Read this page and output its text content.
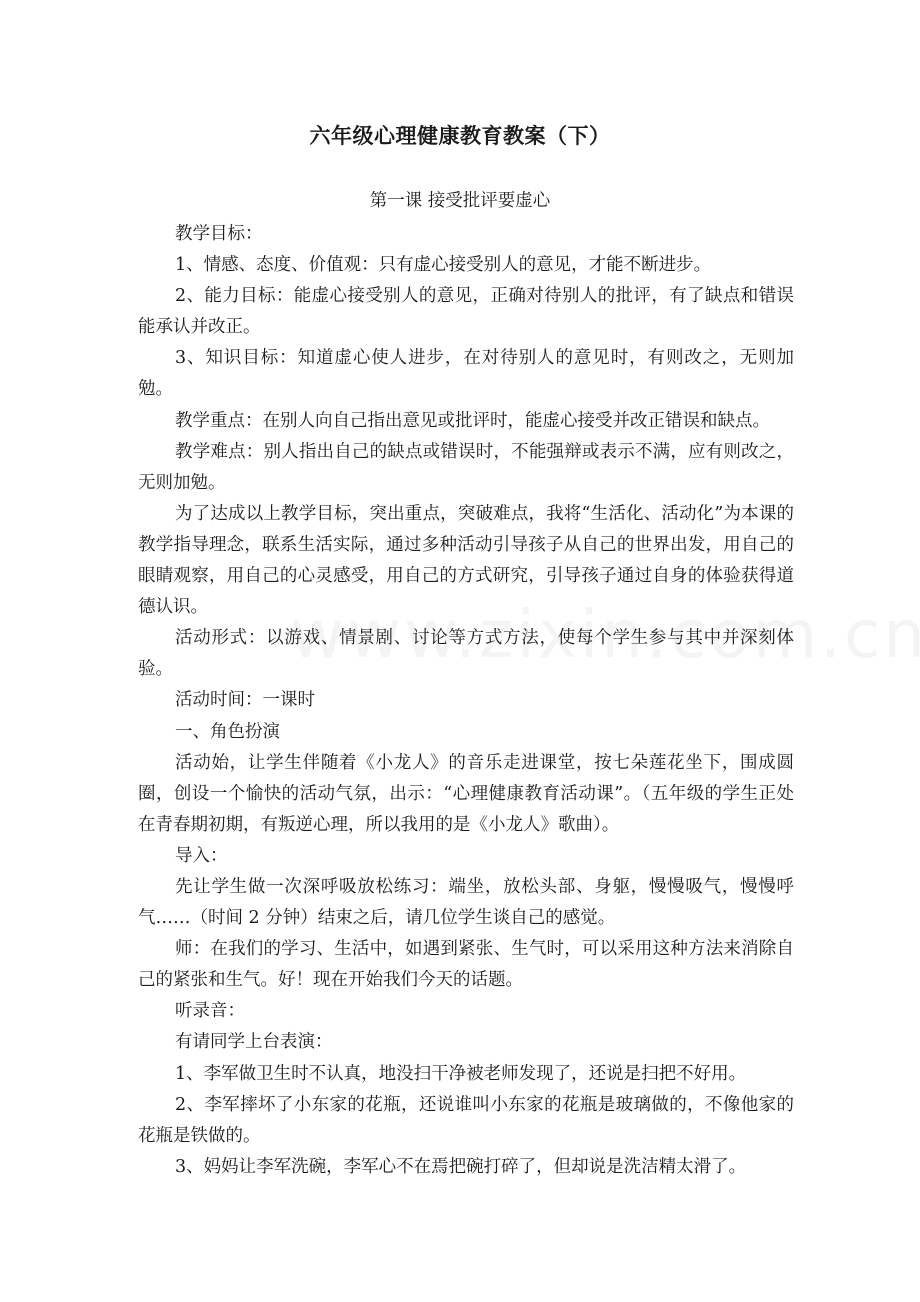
六年级心理健康教育教案（下）
第一课 接受批评要虚心

教学目标：

1、情感、态度、价值观：只有虚心接受别人的意见，才能不断进步。

2、能力目标：能虚心接受别人的意见，正确对待别人的批评，有了缺点和错误能承认并改正。

3、知识目标：知道虚心使人进步，在对待别人的意见时，有则改之，无则加勉。

教学重点：在别人向自己指出意见或批评时，能虚心接受并改正错误和缺点。

教学难点：别人指出自己的缺点或错误时，不能强辩或表示不满，应有则改之，无则加勉。

为了达成以上教学目标，突出重点，突破难点，我将“生活化、活动化”为本课的教学指导理念，联系生活实际，通过多种活动引导孩子从自己的世界出发，用自己的眼睛观察，用自己的心灵感受，用自己的方式研究，引导孩子通过自身的体验获得道德认识。

活动形式：以游戏、情景剧、讨论等方式方法，使每个学生参与其中并深刻体验。

活动时间：一课时

一、角色扮演

活动始，让学生伴随着《小龙人》的音乐走进课堂，按七朵莲花坐下，围成圆圈，创设一个愉快的活动气氛，出示：“心理健康教育活动课”。（五年级的学生正处在青春期初期，有叛逆心理，所以我用的是《小龙人》歌曲）。

导入：

先让学生做一次深呼吸放松练习：端坐，放松头部、身躯，慢慢吸气，慢慢呼气……（时间 2 分钟）结束之后，请几位学生谈自己的感觉。

师：在我们的学习、生活中，如遇到紧张、生气时，可以采用这种方法来消除自己的紧张和生气。好！现在开始我们今天的话题。

听录音：

有请同学上台表演：

1、李军做卫生时不认真，地没扫干净被老师发现了，还说是扫把不好用。

2、李军摔坏了小东家的花瓶，还说谁叫小东家的花瓶是玻璃做的，不像他家的花瓶是铁做的。

3、妈妈让李军洗碗，李军心不在焉把碗打碎了，但却说是洗洁精太滑了。
